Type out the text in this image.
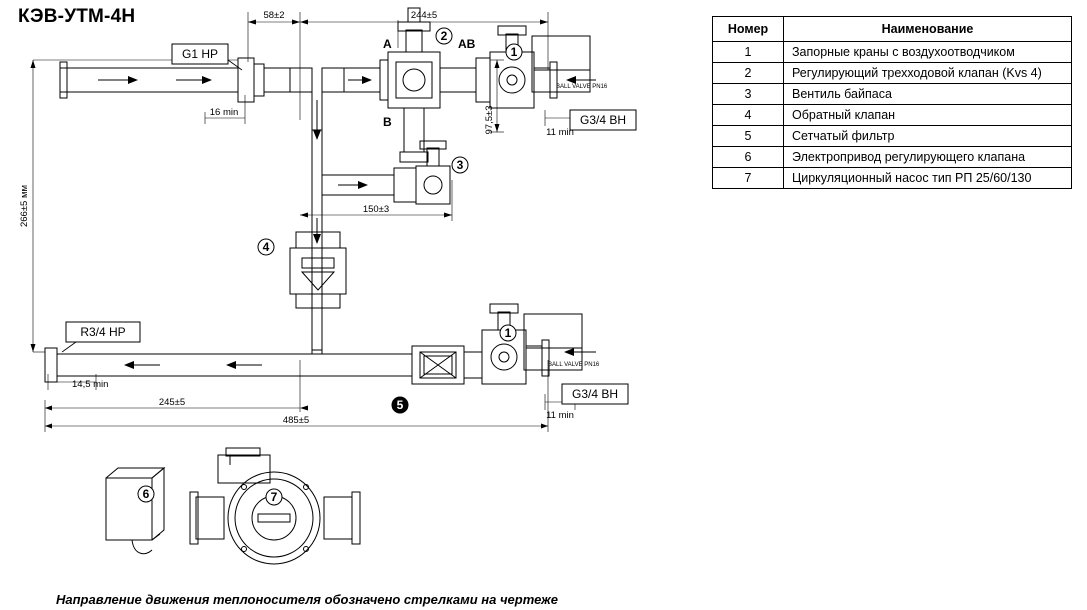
КЭВ-УТМ-4Н
2
1
3
4
5
1
6	7
G1 HP
R3/4 HP
G3/4 BH
G3/4 BH
A
B
AB
58±2	244±5
16 min
11 min
150±3
14,5 min
245±5
485±5	11 min
266±5 мм
97,5±3
BALL VALVE PN16
BALL VALVE PN16
Номер	Наименование
1	Запорные краны с воздухоотводчиком
2	Регулирующий трехходовой клапан (Kvs 4)
3	Вентиль байпаса
4	Обратный клапан
5	Сетчатый фильтр
6	Электропривод регулирующего клапана
7	Циркуляционный насос тип РП 25/60/130
Направление движения теплоносителя обозначено стрелками на чертеже
